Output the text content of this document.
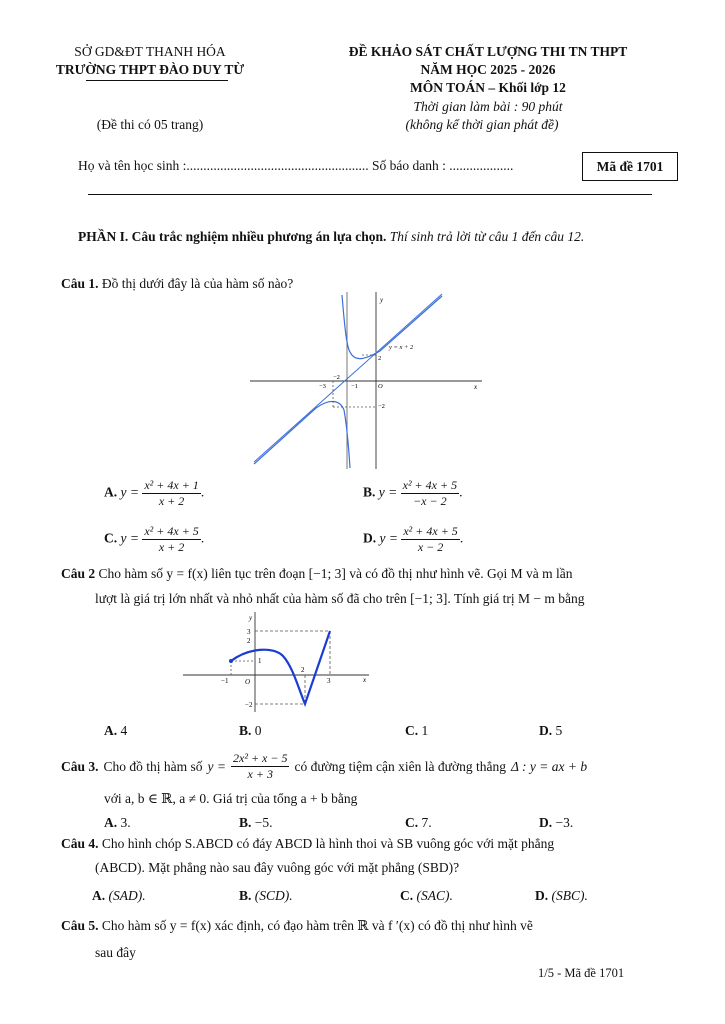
SỞ GD&ĐT THANH HÓA
TRƯỜNG THPT ĐÀO DUY TỪ
(Đề thi có 05 trang)
ĐỀ KHẢO SÁT CHẤT LƯỢNG THI TN THPT
NĂM HỌC 2025 - 2026
MÔN TOÁN – Khối lớp 12
Thời gian làm bài : 90 phút
(không kể thời gian phát đề)
Họ và tên học sinh :...................................................... Số báo danh : ...................	Mã đề 1701
PHẦN I. Câu trắc nghiệm nhiều phương án lựa chọn. Thí sinh trả lời từ câu 1 đến câu 12.
Câu 1. Đồ thị dưới đây là của hàm số nào?
y
x
y = x + 2
−3
−2
−1	O
2
−2
A. $y = \frac{\text{x² + 4x + 1}}{x + 2}$ .	B. $y = \frac{\text{x² + 4x + 5}}{-x - 2}$ .
C. $y = \frac{\text{x² + 4x + 5}}{x + 2}$ .	D. $y = \frac{\text{x² + 4x + 5}}{x - 2}$ .
Câu 2 Cho hàm số y = f(x) liên tục trên đoạn [−1; 3] và có đồ thị như hình vẽ. Gọi M và m lần
lượt là giá trị lớn nhất và nhỏ nhất của hàm số đã cho trên [−1; 3]. Tính giá trị M − m bằng
y
x
3
2
1
−1 O
2
3
−2
A. 4	B. 0	C. 1	D. 5
Câu 3. Cho đồ thị hàm số $y = \frac{\text{2x² + x − 5}}{x + 3}$ có đường tiệm cận xiên là đường thẳng Δ : y = ax + b
với a, b ∈ ℝ, a ≠ 0. Giá trị của tổng a + b bằng
A. 3.	B. −5.	C. 7.	D. −3.
Câu 4. Cho hình chóp S.ABCD có đáy ABCD là hình thoi và SB vuông góc với mặt phẳng
(ABCD). Mặt phẳng nào sau đây vuông góc với mặt phẳng (SBD)?
A. (SAD).	B. (SCD).	C. (SAC).	D. (SBC).
Câu 5. Cho hàm số y = f(x) xác định, có đạo hàm trên ℝ và f ′(x) có đồ thị như hình vẽ
sau đây
1/5 - Mã đề 1701
